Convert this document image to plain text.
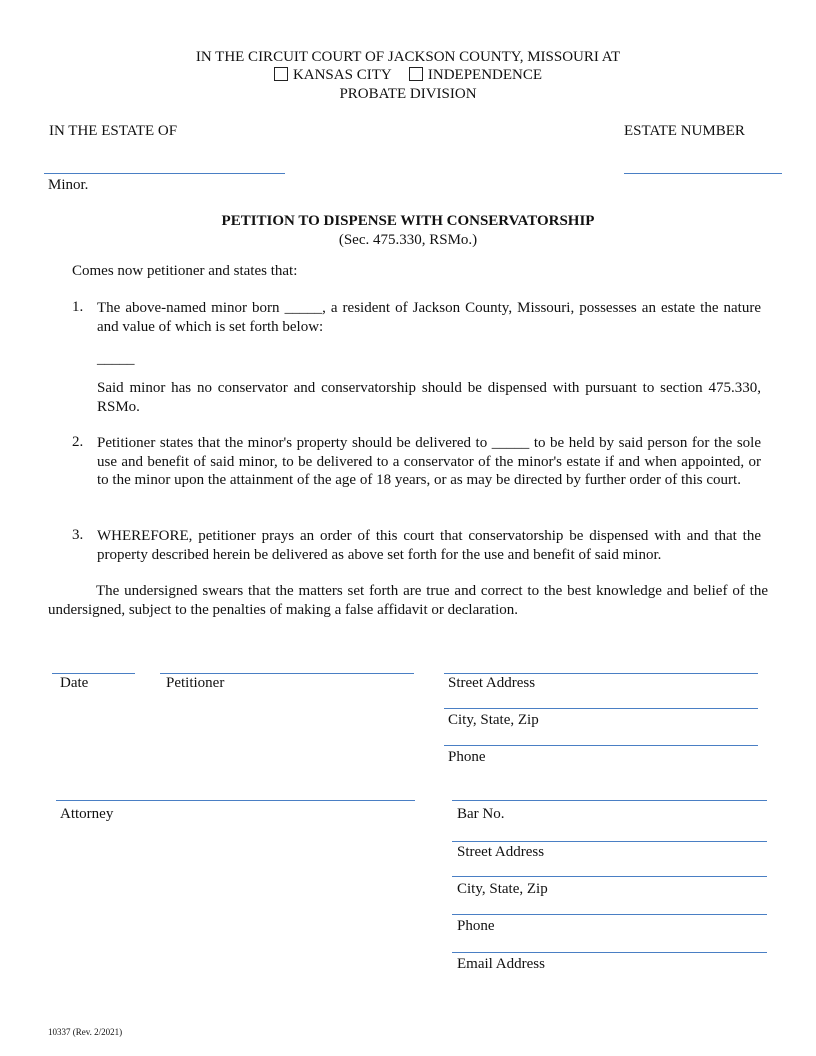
IN THE CIRCUIT COURT OF JACKSON COUNTY, MISSOURI AT
KANSAS CITY INDEPENDENCE
PROBATE DIVISION
IN THE ESTATE OF	ESTATE NUMBER
Minor.
PETITION TO DISPENSE WITH CONSERVATORSHIP
(Sec. 475.330, RSMo.)
Comes now petitioner and states that:
1. The above-named minor born _____, a resident of Jackson County, Missouri, possesses an estate the nature and value of which is set forth below:
_____
Said minor has no conservator and conservatorship should be dispensed with pursuant to section 475.330, RSMo.
2. Petitioner states that the minor's property should be delivered to _____ to be held by said person for the sole use and benefit of said minor, to be delivered to a conservator of the minor's estate if and when appointed, or to the minor upon the attainment of the age of 18 years, or as may be directed by further order of this court.
3. WHEREFORE, petitioner prays an order of this court that conservatorship be dispensed with and that the property described herein be delivered as above set forth for the use and benefit of said minor.
The undersigned swears that the matters set forth are true and correct to the best knowledge and belief of the undersigned, subject to the penalties of making a false affidavit or declaration.
Date	Petitioner	Street Address
City, State, Zip
Phone
Attorney	Bar No.
Street Address
City, State, Zip
Phone
Email Address
10337 (Rev. 2/2021)
